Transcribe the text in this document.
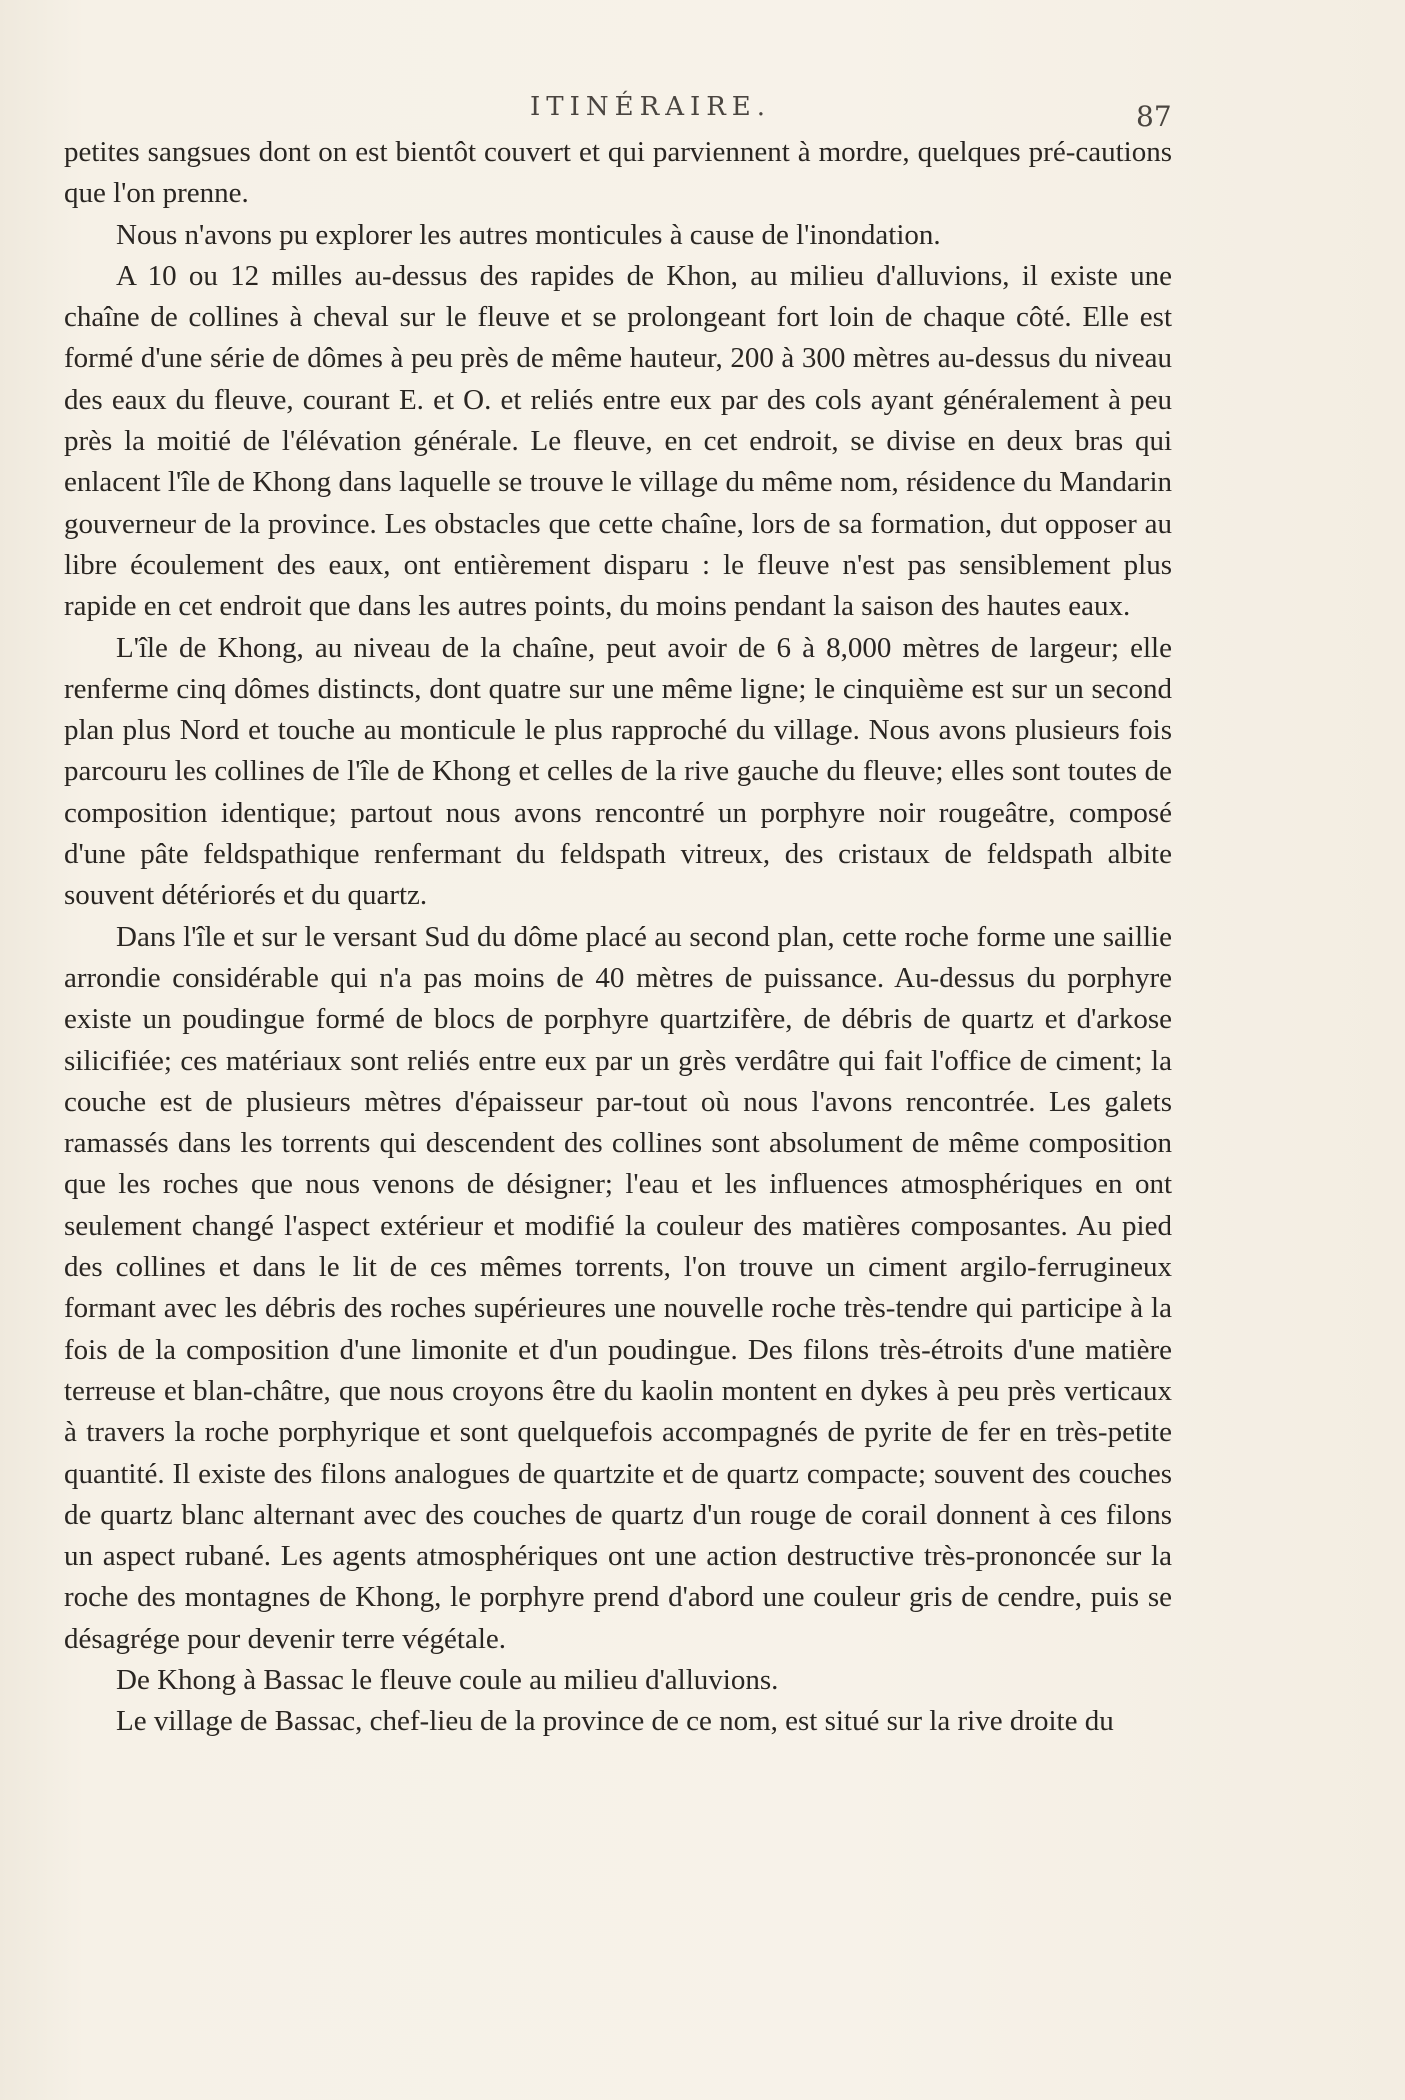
ITINÉRAIRE.	87

petites sangsues dont on est bientôt couvert et qui parviennent à mordre, quelques pré-cautions que l'on prenne.

Nous n'avons pu explorer les autres monticules à cause de l'inondation.

A 10 ou 12 milles au-dessus des rapides de Khon, au milieu d'alluvions, il existe une chaîne de collines à cheval sur le fleuve et se prolongeant fort loin de chaque côté. Elle est formé d'une série de dômes à peu près de même hauteur, 200 à 300 mètres au-dessus du niveau des eaux du fleuve, courant E. et O. et reliés entre eux par des cols ayant généralement à peu près la moitié de l'élévation générale. Le fleuve, en cet endroit, se divise en deux bras qui enlacent l'île de Khong dans laquelle se trouve le village du même nom, résidence du Mandarin gouverneur de la province. Les obstacles que cette chaîne, lors de sa formation, dut opposer au libre écoulement des eaux, ont entièrement disparu : le fleuve n'est pas sensiblement plus rapide en cet endroit que dans les autres points, du moins pendant la saison des hautes eaux.

L'île de Khong, au niveau de la chaîne, peut avoir de 6 à 8,000 mètres de largeur; elle renferme cinq dômes distincts, dont quatre sur une même ligne; le cinquième est sur un second plan plus Nord et touche au monticule le plus rapproché du village. Nous avons plusieurs fois parcouru les collines de l'île de Khong et celles de la rive gauche du fleuve; elles sont toutes de composition identique; partout nous avons rencontré un porphyre noir rougeâtre, composé d'une pâte feldspathique renfermant du feldspath vitreux, des cristaux de feldspath albite souvent détériorés et du quartz.

Dans l'île et sur le versant Sud du dôme placé au second plan, cette roche forme une saillie arrondie considérable qui n'a pas moins de 40 mètres de puissance. Au-dessus du porphyre existe un poudingue formé de blocs de porphyre quartzifère, de débris de quartz et d'arkose silicifiée; ces matériaux sont reliés entre eux par un grès verdâtre qui fait l'office de ciment; la couche est de plusieurs mètres d'épaisseur par-tout où nous l'avons rencontrée. Les galets ramassés dans les torrents qui descendent des collines sont absolument de même composition que les roches que nous venons de désigner; l'eau et les influences atmosphériques en ont seulement changé l'aspect extérieur et modifié la couleur des matières composantes. Au pied des collines et dans le lit de ces mêmes torrents, l'on trouve un ciment argilo-ferrugineux formant avec les débris des roches supérieures une nouvelle roche très-tendre qui participe à la fois de la composition d'une limonite et d'un poudingue. Des filons très-étroits d'une matière terreuse et blan-châtre, que nous croyons être du kaolin montent en dykes à peu près verticaux à travers la roche porphyrique et sont quelquefois accompagnés de pyrite de fer en très-petite quantité. Il existe des filons analogues de quartzite et de quartz compacte; souvent des couches de quartz blanc alternant avec des couches de quartz d'un rouge de corail donnent à ces filons un aspect rubané. Les agents atmosphériques ont une action destructive très-prononcée sur la roche des montagnes de Khong, le porphyre prend d'abord une couleur gris de cendre, puis se désagrége pour devenir terre végétale.

De Khong à Bassac le fleuve coule au milieu d'alluvions.

Le village de Bassac, chef-lieu de la province de ce nom, est situé sur la rive droite du
